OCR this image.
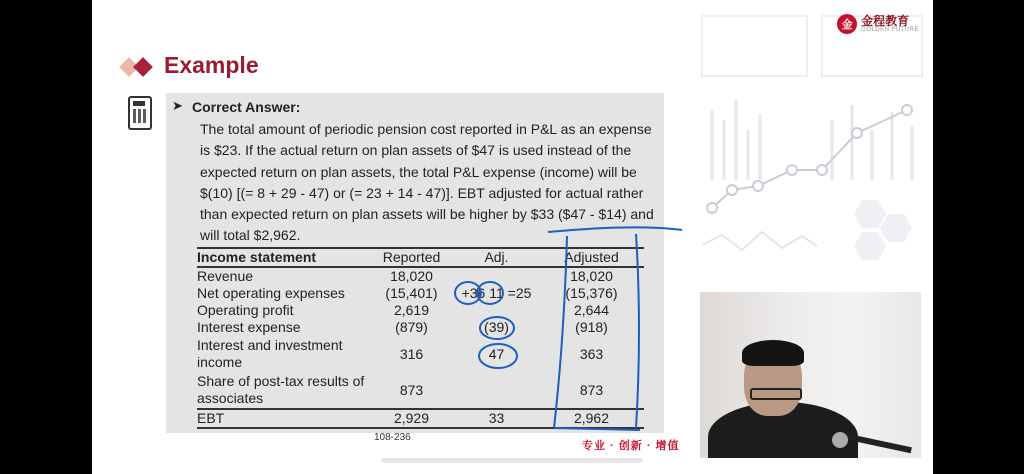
金 金程教育
GOLDEN FUTURE
Example
➤ Correct Answer:
The total amount of periodic pension cost reported in P&L as an expense is $23. If the actual return on plan assets of $47 is used instead of the expected return on plan assets, the total P&L expense (income) will be $(10) [(= 8 + 29 - 47) or (= 23 + 14 - 47)]. EBT adjusted for actual rather than expected return on plan assets will be higher by $33 ($47 - $14) and will total $2,962.
Income statement	Reported	Adj.	Adjusted
Revenue	18,020		18,020
Net operating expenses	(15,401)	+36 11 =25	(15,376)
Operating profit	2,619		2,644
Interest expense	(879)	(39)	(918)
Interest and investment income	316	47	363
Share of post-tax results of associates	873		873
EBT	2,929	33	2,962
108-236
专业 · 创新 · 增值
